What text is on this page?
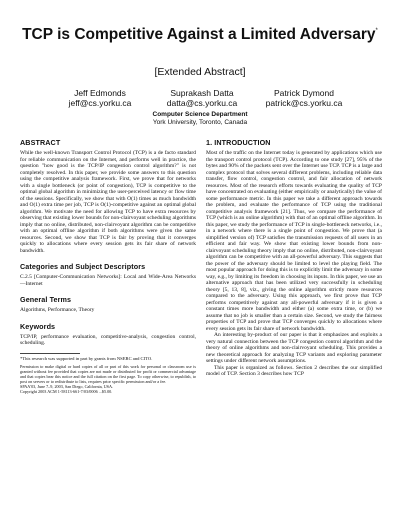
TCP is Competitive Against a Limited Adversary*
[Extended Abstract]
Jeff Edmonds
jeff@cs.yorku.ca
Suprakash Datta
datta@cs.yorku.ca
Patrick Dymond
patrick@cs.yorku.ca
Computer Science Department
York University, Toronto, Canada
ABSTRACT

While the well-known Transport Control Protocol (TCP) is a de facto standard for reliable communication on the Internet, and performs well in practice, the question "how good is the TCP/IP congestion control algorithm?" is not completely resolved. In this paper, we provide some answers to this question using the competitive analysis framework. First, we prove that for networks with a single bottleneck (or point of congestion), TCP is competitive to the optimal global algorithm in minimizing the user-perceived latency or flow time of the sessions. Specifically, we show that with O(1) times as much bandwidth and O(1) extra time per job, TCP is O(1)-competitive against an optimal global algorithm. We motivate the need for allowing TCP to have extra resources by observing that existing lower bounds for non-clairvoyant scheduling algorithms imply that no online, distributed, non-clairvoyant algorithm can be competitive with an optimal offline algorithm if both algorithms were given the same resources. Second, we show that TCP is fair by proving that it converges quickly to allocations where every session gets its fair share of network bandwidth.

Categories and Subject Descriptors

C.2.5 [Computer-Communication Networks]: Local and Wide-Area Networks—Internet

General Terms

Algorithms, Performance, Theory

Keywords

TCP/IP, performance evaluation, competitive-analysis, congestion control, scheduling.

*This research was supported in part by grants from NSERC and CITO.

Permission to make digital or hard copies of all or part of this work for personal or classroom use is granted without fee provided that copies are not made or distributed for profit or commercial advantage and that copies bear this notice and the full citation on the first page. To copy otherwise, to republish, to post on servers or to redistribute to lists, requires prior specific permission and/or a fee.

SPAA'03, June 7–9, 2003, San Diego, California, USA.

Copyright 2003 ACM 1-58113-661-7/03/0006 ...$5.00.

1. INTRODUCTION

Most of the traffic on the Internet today is generated by applications which use the transport control protocol (TCP). According to one study [27], 95% of the bytes and 90% of the packets sent over the Internet use TCP. TCP is a large and complex protocol that solves several different problems, including reliable data transfer, flow control, congestion control, and fair allocation of network resources. Most of the research efforts towards evaluating the quality of TCP have concentrated on evaluating (either empirically or analytically) the value of some performance metric. In this paper we take a different approach towards the problem, and evaluate the performance of TCP using the traditional competitive analysis framework [21]. Thus, we compare the performance of TCP (which is an online algorithm) with that of an optimal offline algorithm. In this paper, we study the performance of TCP in single-bottleneck networks, i.e., in a network where there is a single point of congestion. We prove that (a simplified version of) TCP satisfies the transmission requests of all users in an efficient and fair way. We show that existing lower bounds from non-clairvoyant scheduling theory imply that no online, distributed, non-clairvoyant algorithm can be competitive with an all-powerful adversary. This suggests that the power of the adversary should be limited to level the playing field. The most popular approach for doing this is to explicitly limit the adversary in some way, e.g., by limiting its freedom in choosing its inputs. In this paper, we use an alternative approach that has been utilized very successfully in scheduling theory [5, 13, 8], viz., giving the online algorithm strictly more resources compared to the adversary. Using this approach, we first prove that TCP performs competitively against any all-powerful adversary if it is given a constant times more bandwidth and either (a) some extra time, or (b) we assume that no job is smaller than a certain size. Second, we study the fairness properties of TCP and prove that TCP converges quickly to allocations where every session gets its fair share of network bandwidth.

An interesting by-product of our paper is that it emphasizes and exploits a very natural connection between the TCP congestion control algorithm and the theory of online algorithms and non-clairvoyant scheduling. This provides a new theoretical approach for analyzing TCP variants and exploring parameter settings under different network assumptions.

This paper is organized as follows. Section 2 describes the our simplified model of TCP. Section 3 describes how TCP
